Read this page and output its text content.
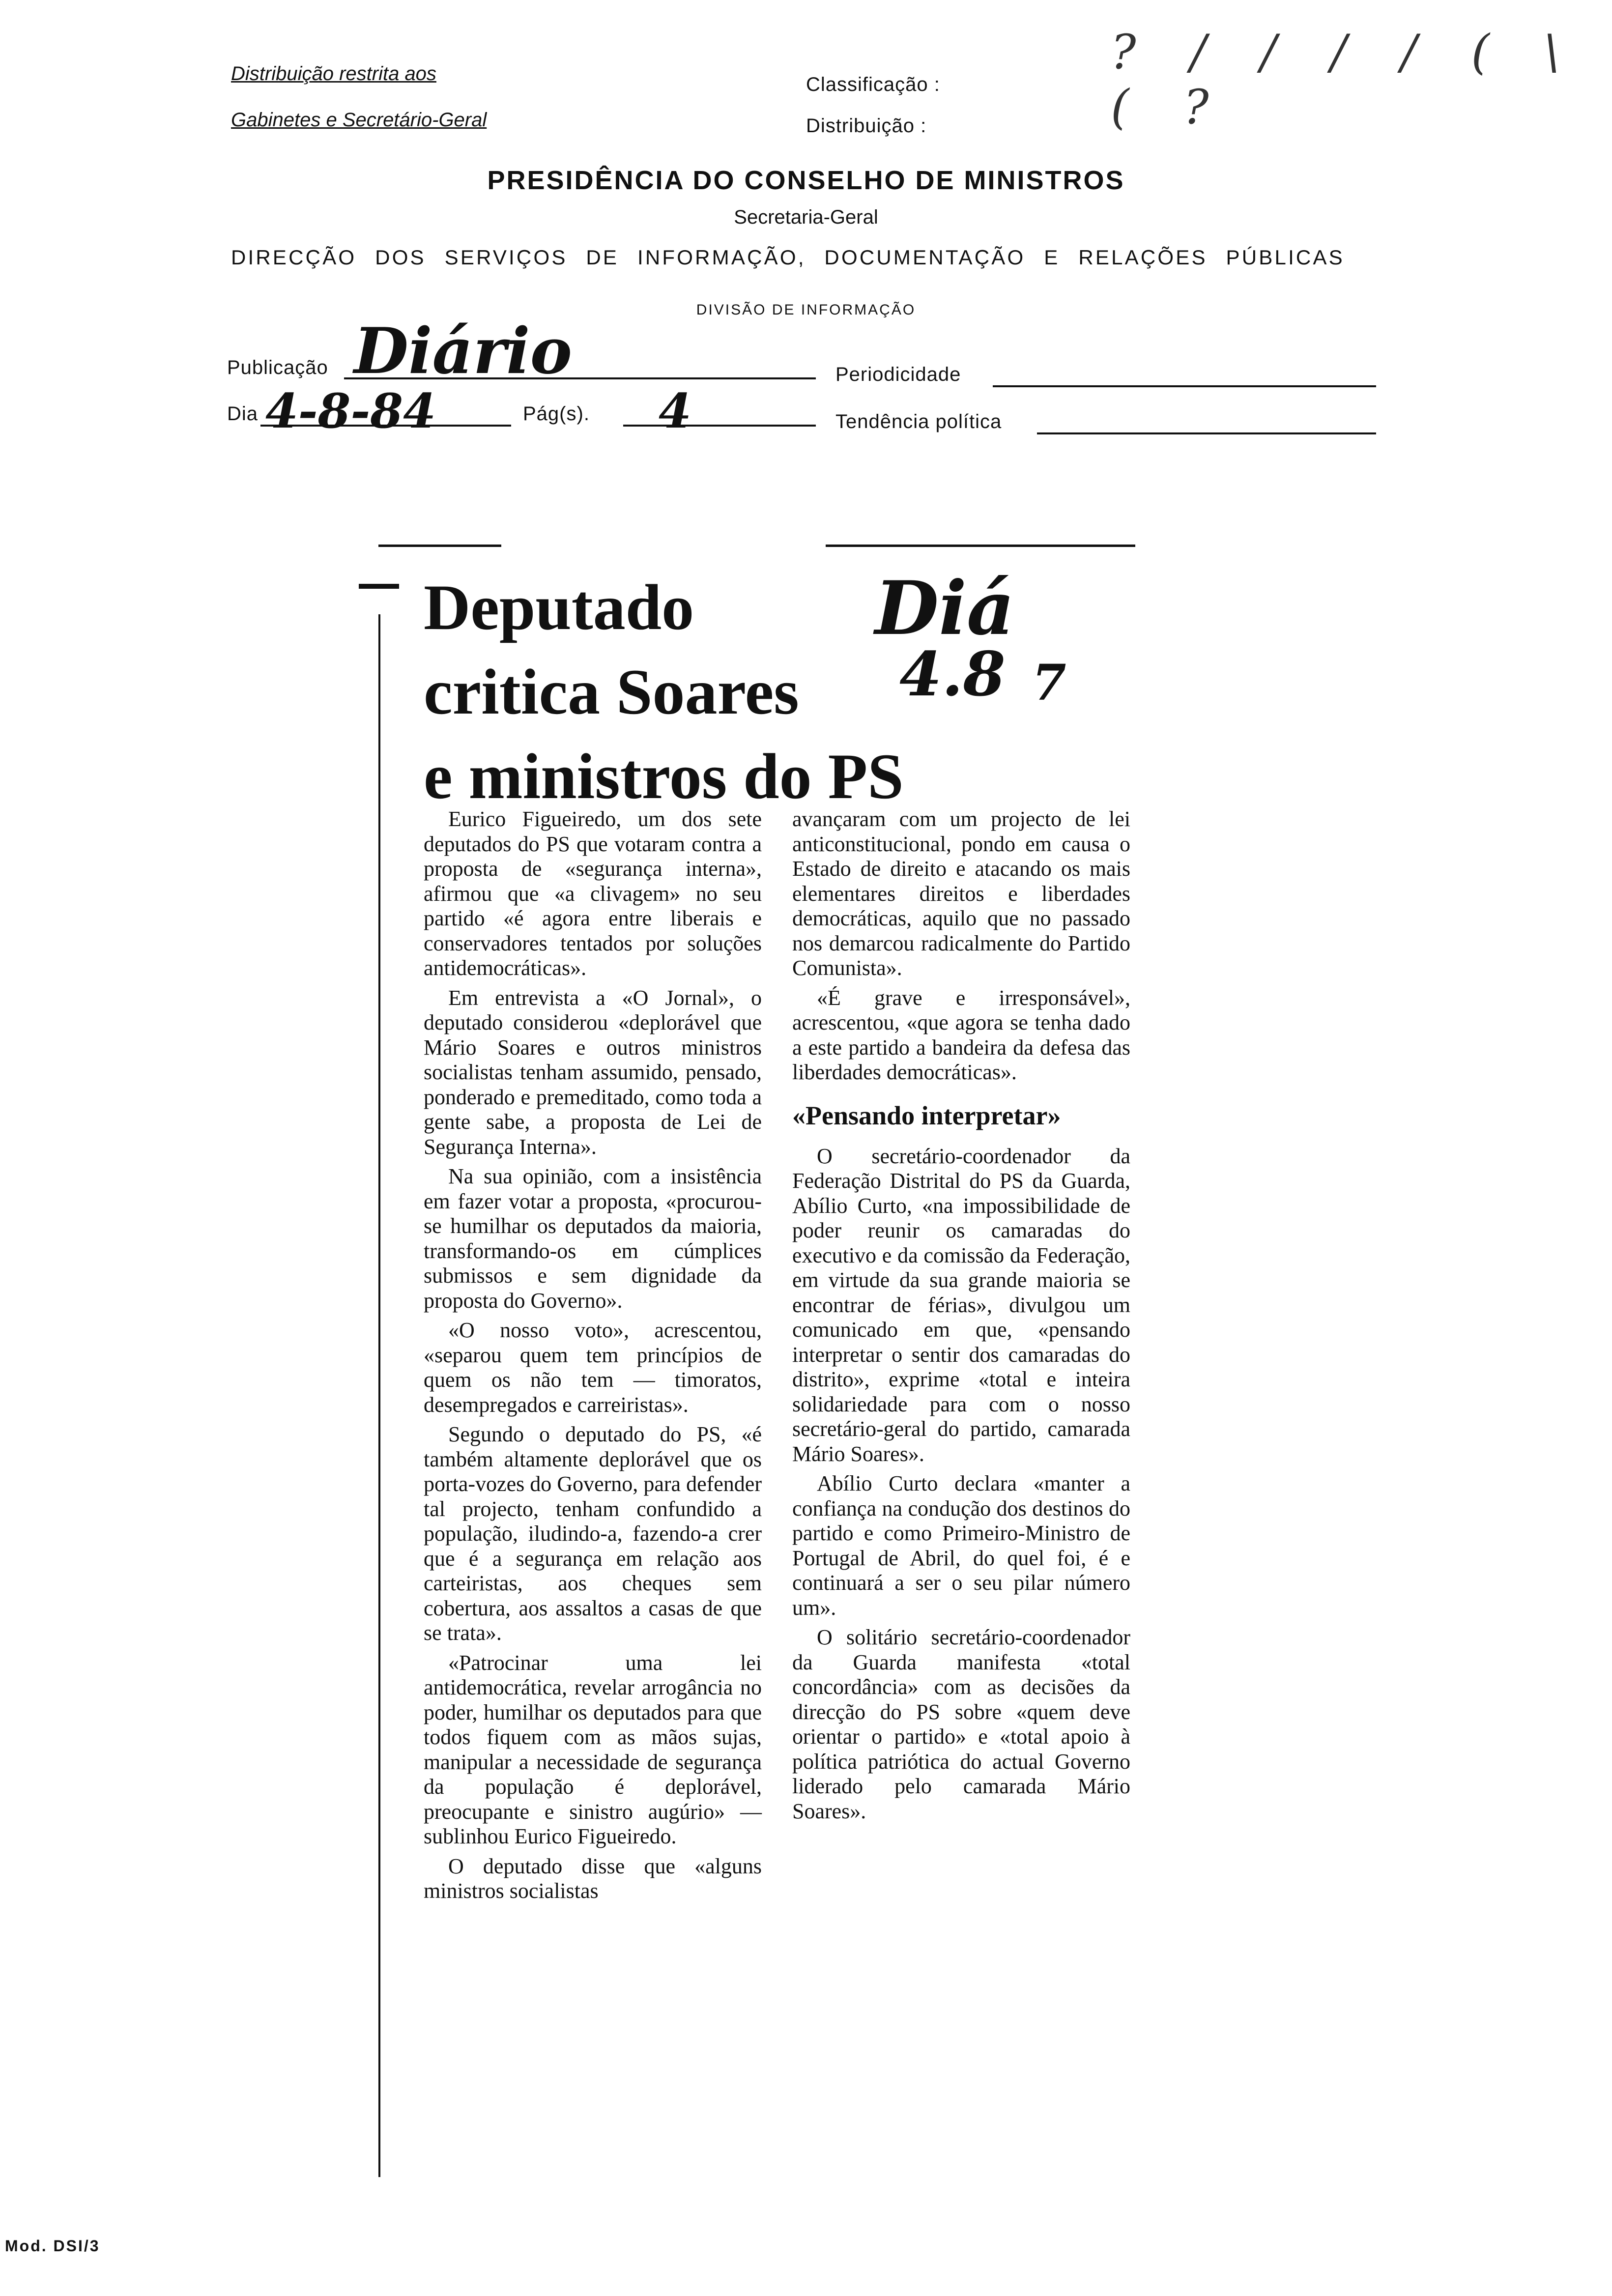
Distribuição restrita aos
Gabinetes e Secretário-Geral
Classificação :
Distribuição :
? / / / / ( \ ( ?
PRESIDÊNCIA DO CONSELHO DE MINISTROS
Secretaria-Geral
DIRECÇÃO DOS SERVIÇOS DE INFORMAÇÃO, DOCUMENTAÇÃO E RELAÇÕES PÚBLICAS
DIVISÃO DE INFORMAÇÃO
Publicação Diário	Periodicidade
Dia 4-8-84	Pág(s). 4	Tendência política
Deputado
critica Soares
e ministros do PS
Diá
4.8 7

Eurico Figueiredo, um dos sete deputados do PS que votaram contra a proposta de «segurança interna», afirmou que «a clivagem» no seu partido «é agora entre liberais e conservadores tentados por soluções antidemocráticas».

Em entrevista a «O Jornal», o deputado considerou «deplorável que Mário Soares e outros ministros socialistas tenham assumido, pensado, ponderado e premeditado, como toda a gente sabe, a proposta de Lei de Segurança Interna».

Na sua opinião, com a insistência em fazer votar a proposta, «procurou-se humilhar os deputados da maioria, transformando-os em cúmplices submissos e sem dignidade da proposta do Governo».

«O nosso voto», acrescentou, «separou quem tem princípios de quem os não tem — timoratos, desempregados e carreiristas».

Segundo o deputado do PS, «é também altamente deplorável que os porta-vozes do Governo, para defender tal projecto, tenham confundido a população, iludindo-a, fazendo-a crer que é a segurança em relação aos carteiristas, aos cheques sem cobertura, aos assaltos a casas de que se trata».

«Patrocinar uma lei antidemocrática, revelar arrogância no poder, humilhar os deputados para que todos fiquem com as mãos sujas, manipular a necessidade de segurança da população é deplorável, preocupante e sinistro augúrio» — sublinhou Eurico Figueiredo.

O deputado disse que «alguns ministros socialistas

avançaram com um projecto de lei anticonstitucional, pondo em causa o Estado de direito e atacando os mais elementares direitos e liberdades democráticas, aquilo que no passado nos demarcou radicalmente do Partido Comunista».

«É grave e irresponsável», acrescentou, «que agora se tenha dado a este partido a bandeira da defesa das liberdades democráticas».

«Pensando interpretar»

O secretário-coordenador da Federação Distrital do PS da Guarda, Abílio Curto, «na impossibilidade de poder reunir os camaradas do executivo e da comissão da Federação, em virtude da sua grande maioria se encontrar de férias», divulgou um comunicado em que, «pensando interpretar o sentir dos camaradas do distrito», exprime «total e inteira solidariedade para com o nosso secretário-geral do partido, camarada Mário Soares».

Abílio Curto declara «manter a confiança na condução dos destinos do partido e como Primeiro-Ministro de Portugal de Abril, do quel foi, é e continuará a ser o seu pilar número um».

O solitário secretário-coordenador da Guarda manifesta «total concordância» com as decisões da direcção do PS sobre «quem deve orientar o partido» e «total apoio à política patriótica do actual Governo liderado pelo camarada Mário Soares».

Mod. DSI/3
